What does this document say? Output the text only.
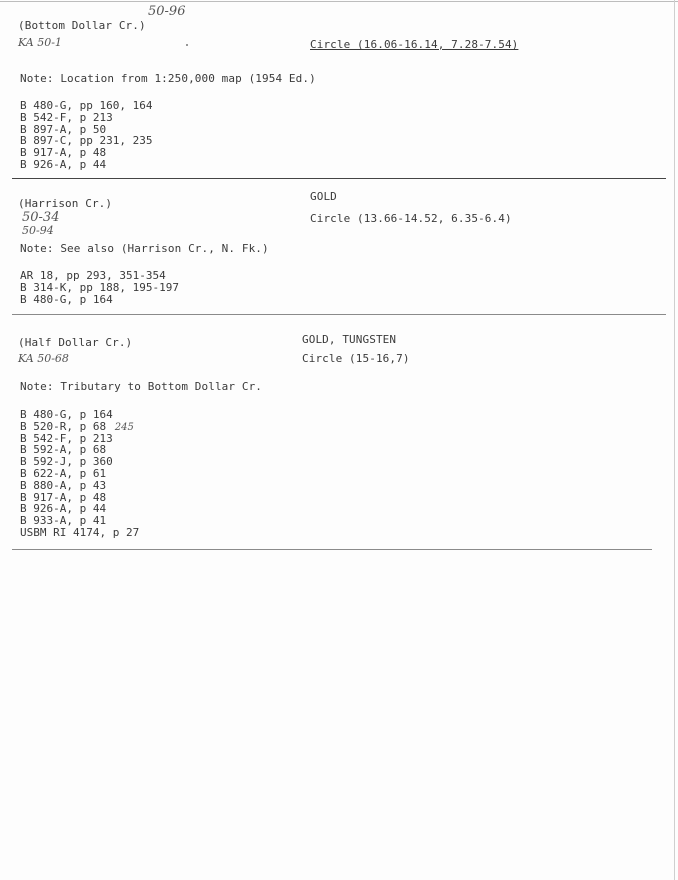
50-96
(Bottom Dollar Cr.)
KA 50-1	Circle (16.06-16.14, 7.28-7.54)
Note: Location from 1:250,000 map (1954 Ed.)
B 480-G, pp 160, 164
B 542-F, p 213
B 897-A, p 50
B 897-C, pp 231, 235
B 917-A, p 48
B 926-A, p 44
GOLD
(Harrison Cr.)
50-34	Circle (13.66-14.52, 6.35-6.4)
50-94
Note: See also (Harrison Cr., N. Fk.)
AR 18, pp 293, 351-354
B 314-K, pp 188, 195-197
B 480-G, p 164
GOLD, TUNGSTEN
(Half Dollar Cr.)
KA 50-68	Circle (15-16,7)
Note: Tributary to Bottom Dollar Cr.
B 480-G, p 164
B 520-R, p 68 245
B 542-F, p 213
B 592-A, p 68
B 592-J, p 360
B 622-A, p 61
B 880-A, p 43
B 917-A, p 48
B 926-A, p 44
B 933-A, p 41
USBM RI 4174, p 27
